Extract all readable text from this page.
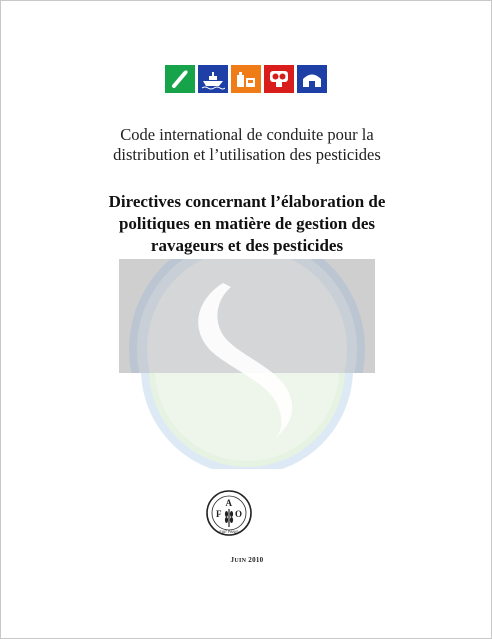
Code international de conduite pour la
distribution et l’utilisation des pesticides
Directives concernant l’élaboration de
politiques en matière de gestion des
ravageurs et des pesticides
F
A
O
FIAT PANIS
JUIN 2010
